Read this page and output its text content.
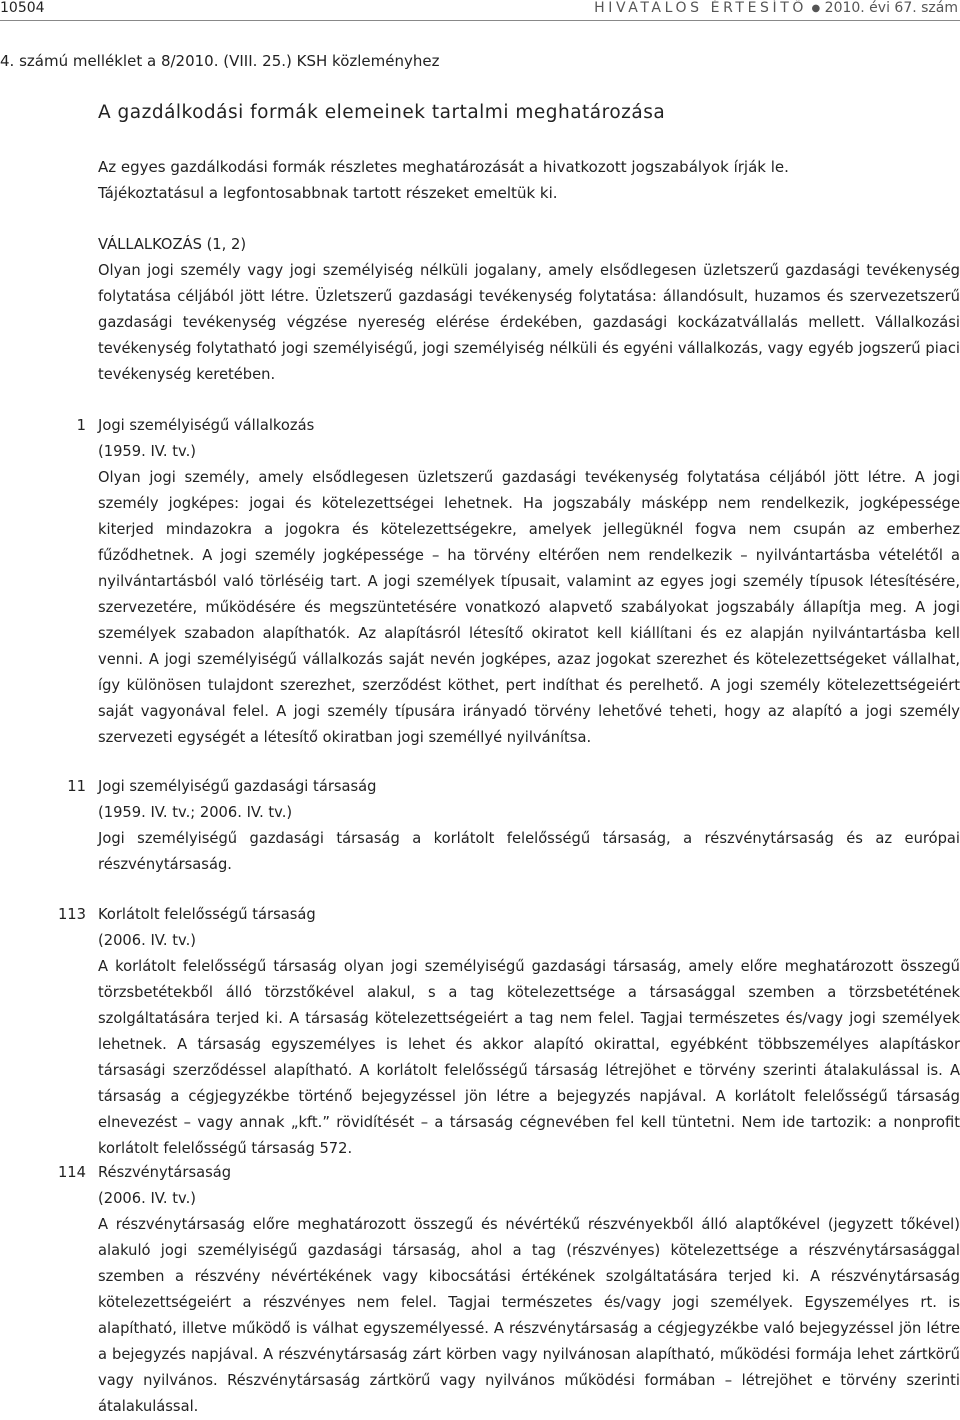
10504	HIVATALOS ÉRTESÍTŐ ● 2010. évi 67. szám
4. számú melléklet a 8/2010. (VIII. 25.) KSH közleményhez
A gazdálkodási formák elemeinek tartalmi meghatározása

Az egyes gazdálkodási formák részletes meghatározását a hivatkozott jogszabályok írják le.

Tájékoztatásul a legfontosabbnak tartott részeket emeltük ki.

VÁLLALKOZÁS (1, 2)

Olyan jogi személy vagy jogi személyiség nélküli jogalany, amely elsődlegesen üzletszerű gazdasági tevékenység folytatása céljából jött létre. Üzletszerű gazdasági tevékenység folytatása: állandósult, huzamos és szervezetszerű gazdasági tevékenység végzése nyereség elérése érdekében, gazdasági kockázatvállalás mellett. Vállalkozási tevékenység folytatható jogi személyiségű, jogi személyiség nélküli és egyéni vállalkozás, vagy egyéb jogszerű piaci tevékenység keretében.

1 Jogi személyiségű vállalkozás

(1959. IV. tv.)

Olyan jogi személy, amely elsődlegesen üzletszerű gazdasági tevékenység folytatása céljából jött létre. A jogi személy jogképes: jogai és kötelezettségei lehetnek. Ha jogszabály másképp nem rendelkezik, jogképessége kiterjed mindazokra a jogokra és kötelezettségekre, amelyek jellegüknél fogva nem csupán az emberhez fűződhetnek. A jogi személy jogképessége – ha törvény eltérően nem rendelkezik – nyilvántartásba vételétől a nyilvántartásból való törléséig tart. A jogi személyek típusait, valamint az egyes jogi személy típusok létesítésére, szervezetére, működésére és megszüntetésére vonatkozó alapvető szabályokat jogszabály állapítja meg. A jogi személyek szabadon alapíthatók. Az alapításról létesítő okiratot kell kiállítani és ez alapján nyilvántartásba kell venni. A jogi személyiségű vállalkozás saját nevén jogképes, azaz jogokat szerezhet és kötelezettségeket vállalhat, így különösen tulajdont szerezhet, szerződést köthet, pert indíthat és perelhető. A jogi személy kötelezettségeiért saját vagyonával felel. A jogi személy típusára irányadó törvény lehetővé teheti, hogy az alapító a jogi személy szervezeti egységét a létesítő okiratban jogi személlyé nyilvánítsa.

11 Jogi személyiségű gazdasági társaság

(1959. IV. tv.; 2006. IV. tv.)

Jogi személyiségű gazdasági társaság a korlátolt felelősségű társaság, a részvénytársaság és az európai részvénytársaság.

113 Korlátolt felelősségű társaság

(2006. IV. tv.)

A korlátolt felelősségű társaság olyan jogi személyiségű gazdasági társaság, amely előre meghatározott összegű törzsbetétekből álló törzstőkével alakul, s a tag kötelezettsége a társasággal szemben a törzsbetétének szolgáltatására terjed ki. A társaság kötelezettségeiért a tag nem felel. Tagjai természetes és/vagy jogi személyek lehetnek. A társaság egyszemélyes is lehet és akkor alapító okirattal, egyébként többszemélyes alapításkor társasági szerződéssel alapítható. A korlátolt felelősségű társaság létrejöhet e törvény szerinti átalakulással is. A társaság a cégjegyzékbe történő bejegyzéssel jön létre a bejegyzés napjával. A korlátolt felelősségű társaság elnevezést – vagy annak „kft.” rövidítését – a társaság cégnevében fel kell tüntetni. Nem ide tartozik: a nonprofit korlátolt felelősségű társaság 572.

114 Részvénytársaság

(2006. IV. tv.)

A részvénytársaság előre meghatározott összegű és névértékű részvényekből álló alaptőkével (jegyzett tőkével) alakuló jogi személyiségű gazdasági társaság, ahol a tag (részvényes) kötelezettsége a részvénytársasággal szemben a részvény névértékének vagy kibocsátási értékének szolgáltatására terjed ki. A részvénytársaság kötelezettségeiért a részvényes nem felel. Tagjai természetes és/vagy jogi személyek. Egyszemélyes rt. is alapítható, illetve működő is válhat egyszemélyessé. A részvénytársaság a cégjegyzékbe való bejegyzéssel jön létre a bejegyzés napjával. A részvénytársaság zárt körben vagy nyilvánosan alapítható, működési formája lehet zártkörű vagy nyilvános. Részvénytársaság zártkörű vagy nyilvános működési formában – létrejöhet e törvény szerinti átalakulással.
